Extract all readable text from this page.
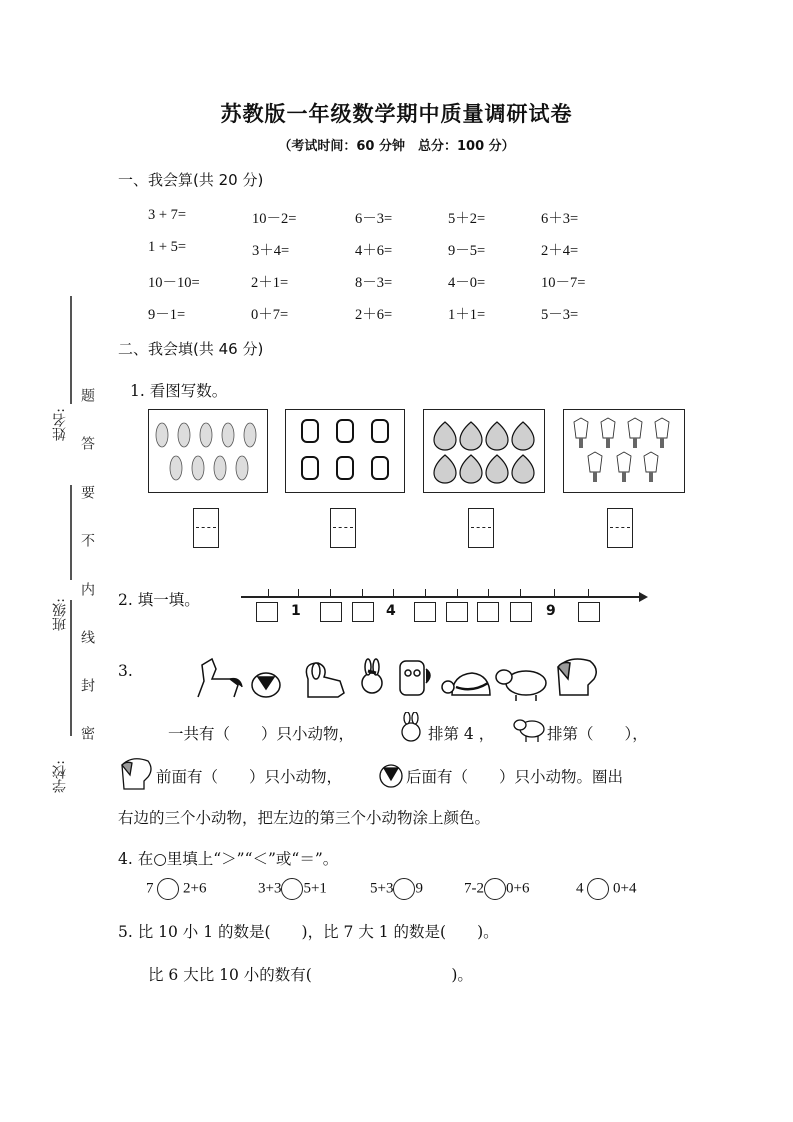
苏教版一年级数学期中质量调研试卷
（考试时间：60 分钟　总分：100 分）
姓名:
班级:
学校:
题
答
要
不
内
线
封
密
一、我会算(共 20 分)
3 + 7=	10－2=	6－3=	5＋2=	6＋3=
1 + 5=	3＋4=	4＋6=	9－5=	2＋4=
10－10=	2＋1=	8－3=	4－0=	10－7=
9－1=	0＋7=	2＋6=	1＋1=	5－3=
二、我会填(共 46 分)
1. 看图写数。
2. 填一填。
1	4	9
3.
一共有（　　）只小动物，	排第 4 ，	排第（　　），
前面有（　　）只小动物，	后面有（　　）只小动物。圈出
右边的三个小动物，把左边的第三个小动物涂上颜色。
4. 在○里填上“＞”“＜”或“＝”。
7 2+6	3+3 5+1	5+3 9	7-2 0+6	4 0+4
5. 比 10 小 1 的数是(　　)，比 7 大 1 的数是(　　)。
比 6 大比 10 小的数有(　　　　　　　　　)。
